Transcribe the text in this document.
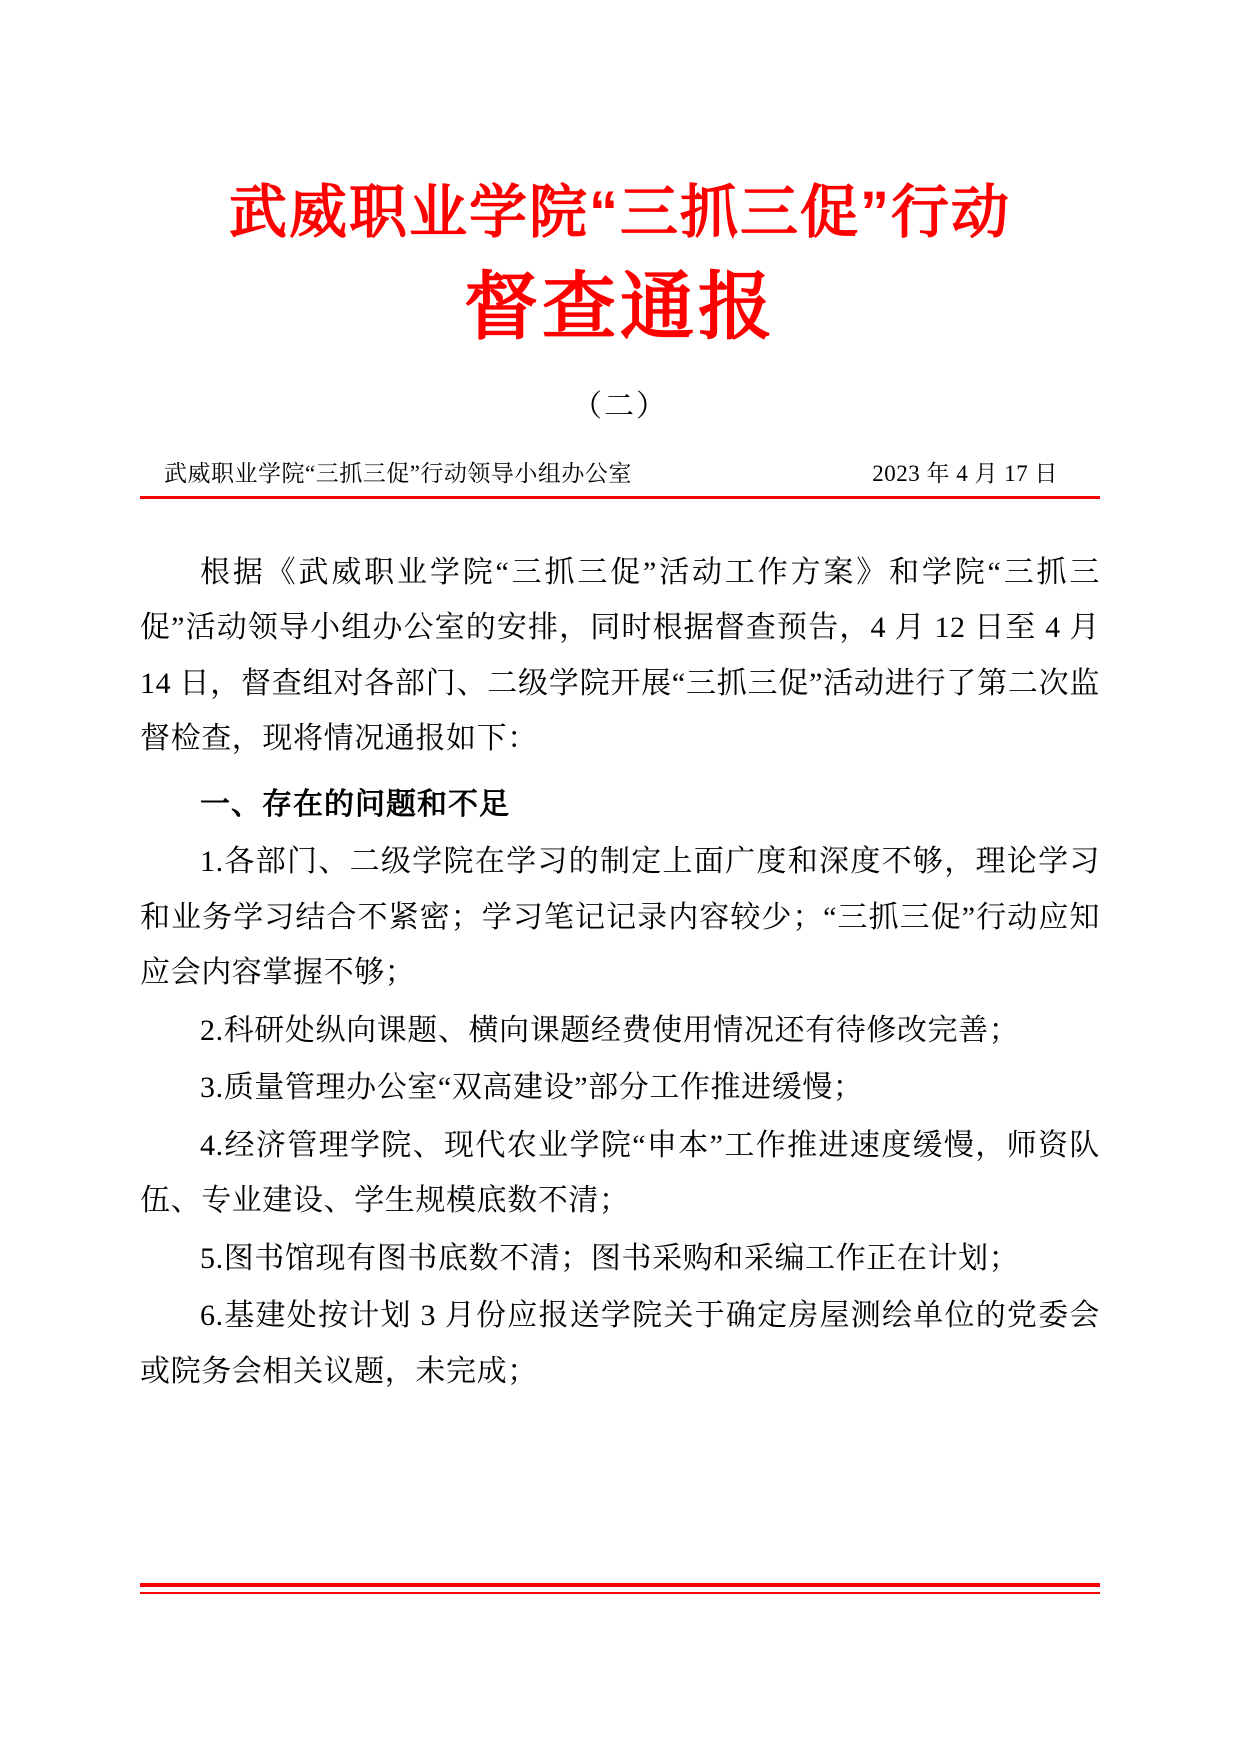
武威职业学院“三抓三促”行动
督查通报
（二）
武威职业学院“三抓三促”行动领导小组办公室	2023 年 4 月 17 日

根据《武威职业学院“三抓三促”活动工作方案》和学院“三抓三促”活动领导小组办公室的安排，同时根据督查预告，4 月 12 日至 4 月 14 日，督查组对各部门、二级学院开展“三抓三促”活动进行了第二次监督检查，现将情况通报如下：

一、存在的问题和不足

1.各部门、二级学院在学习的制定上面广度和深度不够，理论学习和业务学习结合不紧密；学习笔记记录内容较少；“三抓三促”行动应知应会内容掌握不够；

2.科研处纵向课题、横向课题经费使用情况还有待修改完善；

3.质量管理办公室“双高建设”部分工作推进缓慢；

4.经济管理学院、现代农业学院“申本”工作推进速度缓慢，师资队伍、专业建设、学生规模底数不清；

5.图书馆现有图书底数不清；图书采购和采编工作正在计划；

6.基建处按计划 3 月份应报送学院关于确定房屋测绘单位的党委会或院务会相关议题，未完成；
